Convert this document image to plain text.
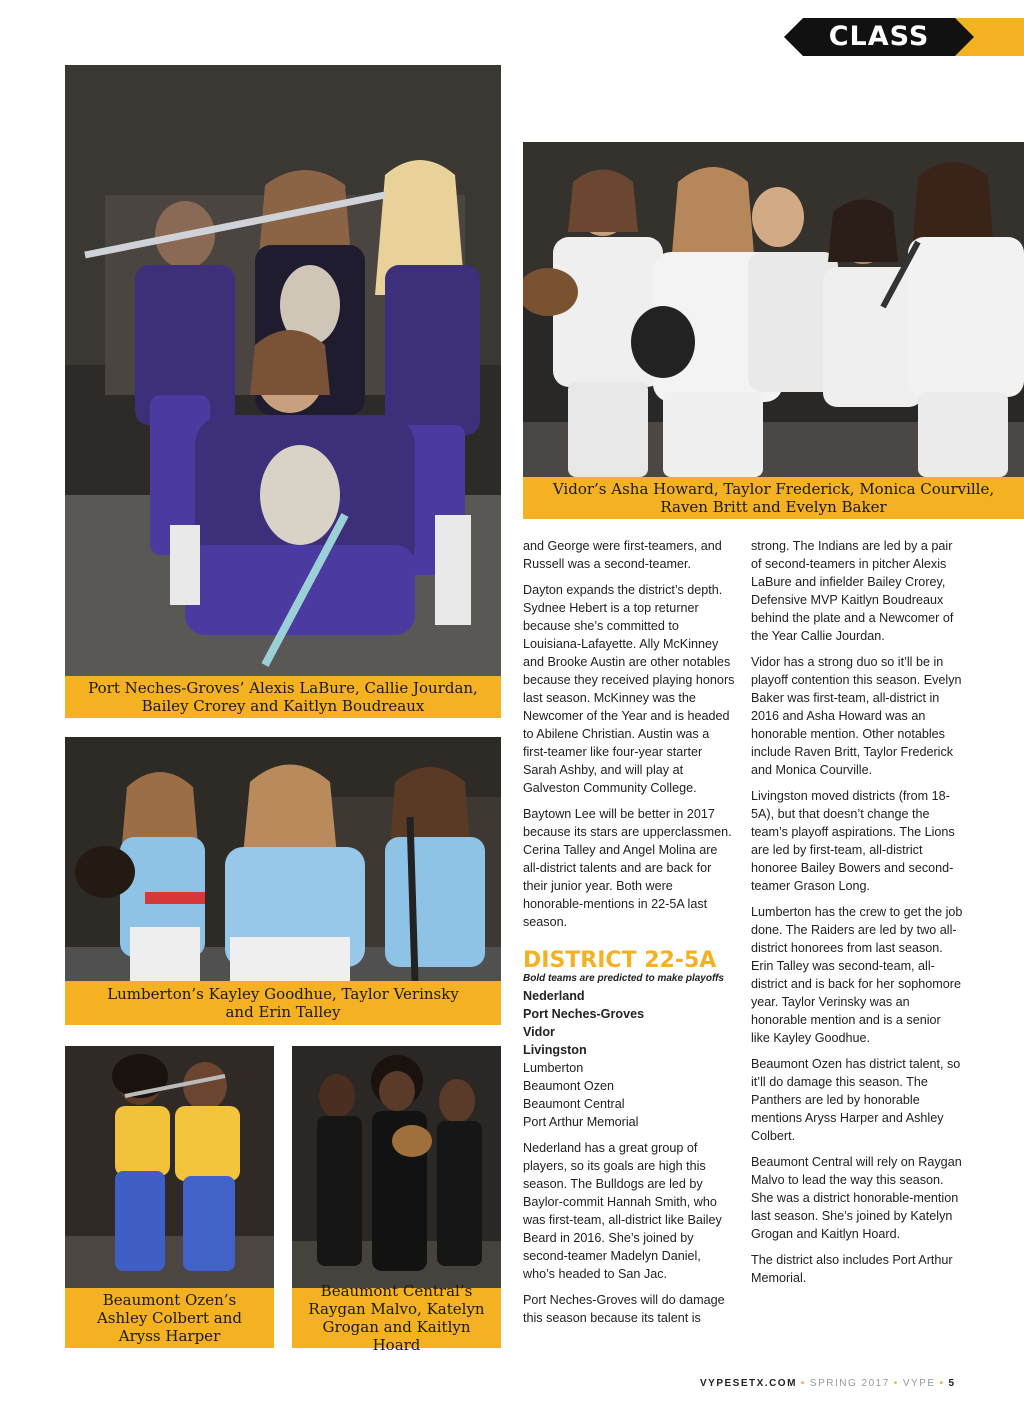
CLASS 5A
Port Neches-Groves’ Alexis LaBure, Callie Jourdan,
Bailey Crorey and Kaitlyn Boudreaux
Vidor’s Asha Howard, Taylor Frederick, Monica Courville,
Raven Britt and Evelyn Baker
Lumberton’s Kayley Goodhue, Taylor Verinsky
and Erin Talley
Beaumont Ozen’s
Ashley Colbert and
Aryss Harper
Beaumont Central’s
Raygan Malvo, Katelyn
Grogan and Kaitlyn Hoard

and George were first-teamers, and Russell was a second-teamer.

Dayton expands the district’s depth. Sydnee Hebert is a top returner because she’s committed to Louisiana-Lafayette. Ally McKinney and Brooke Austin are other notables because they received playing honors last season. McKinney was the Newcomer of the Year and is headed to Abilene Christian. Austin was a first-teamer like four-year starter Sarah Ashby, and will play at Galveston Community College.

Baytown Lee will be better in 2017 because its stars are upperclassmen. Cerina Talley and Angel Molina are all-district talents and are back for their junior year. Both were honorable-mentions in 22-5A last season.

DISTRICT 22-5A
Bold teams are predicted to make playoffs
Nederland
Port Neches-Groves
Vidor
Livingston
Lumberton
Beaumont Ozen
Beaumont Central
Port Arthur Memorial

Nederland has a great group of players, so its goals are high this season. The Bulldogs are led by Baylor-commit Hannah Smith, who was first-team, all-district like Bailey Beard in 2016. She’s joined by second-teamer Madelyn Daniel, who’s headed to San Jac.

Port Neches-Groves will do damage this season because its talent is

strong. The Indians are led by a pair of second-teamers in pitcher Alexis LaBure and infielder Bailey Crorey, Defensive MVP Kaitlyn Boudreaux behind the plate and a Newcomer of the Year Callie Jourdan.

Vidor has a strong duo so it’ll be in playoff contention this season. Evelyn Baker was first-team, all-district in 2016 and Asha Howard was an honorable mention. Other notables include Raven Britt, Taylor Frederick and Monica Courville.

Livingston moved districts (from 18-5A), but that doesn’t change the team’s playoff aspirations. The Lions are led by first-team, all-district honoree Bailey Bowers and second-teamer Grason Long.

Lumberton has the crew to get the job done. The Raiders are led by two all-district honorees from last season. Erin Talley was second-team, all-district and is back for her sophomore year. Taylor Verinsky was an honorable mention and is a senior like Kayley Goodhue.

Beaumont Ozen has district talent, so it’ll do damage this season. The Panthers are led by honorable mentions Aryss Harper and Ashley Colbert.

Beaumont Central will rely on Raygan Malvo to lead the way this season. She was a district honorable-mention last season. She’s joined by Katelyn Grogan and Kaitlyn Hoard.

The district also includes Port Arthur Memorial.

VYPESETX.COM • SPRING 2017 • VYPE • 5
